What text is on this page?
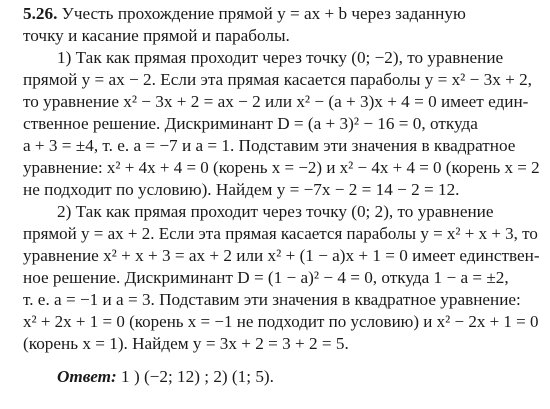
5.26. Учесть прохождение прямой y = ax + b через заданную
точку и касание прямой и параболы.
1) Так как прямая проходит через точку (0; −2), то уравнение
прямой y = ax − 2. Если эта прямая касается параболы y = x² − 3x + 2,
то уравнение x² − 3x + 2 = ax − 2 или x² − (a + 3)x + 4 = 0 имеет един-
ственное решение. Дискриминант D = (a + 3)² − 16 = 0, откуда
a + 3 = ±4, т. е. a = −7 и a = 1. Подставим эти значения в квадратное
уравнение: x² + 4x + 4 = 0 (корень x = −2) и x² − 4x + 4 = 0 (корень x = 2
не подходит по условию). Найдем y = −7x − 2 = 14 − 2 = 12.
2) Так как прямая проходит через точку (0; 2), то уравнение
прямой y = ax + 2. Если эта прямая касается параболы y = x² + x + 3, то
уравнение x² + x + 3 = ax + 2 или x² + (1 − a)x + 1 = 0 имеет единствен-
ное решение. Дискриминант D = (1 − a)² − 4 = 0, откуда 1 − a = ±2,
т. е. a = −1 и a = 3. Подставим эти значения в квадратное уравнение:
x² + 2x + 1 = 0 (корень x = −1 не подходит по условию) и x² − 2x + 1 = 0
(корень x = 1). Найдем y = 3x + 2 = 3 + 2 = 5.
Ответ: 1 ) (−2; 12) ; 2) (1; 5).
